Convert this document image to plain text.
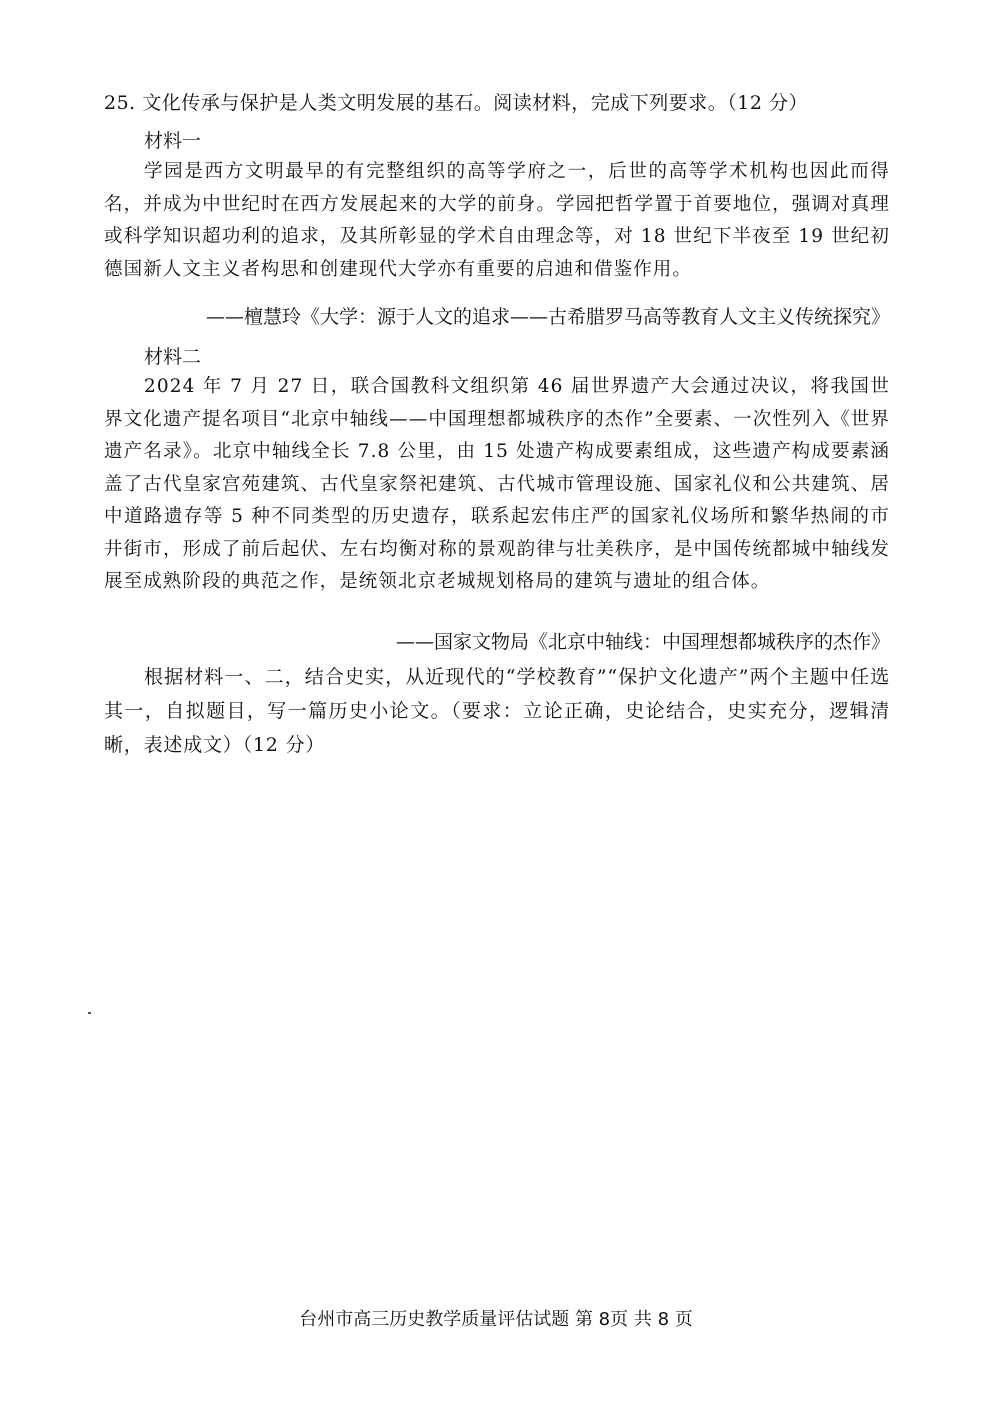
25. 文化传承与保护是人类文明发展的基石。阅读材料，完成下列要求。（12 分）
材料一
学园是西方文明最早的有完整组织的高等学府之一，后世的高等学术机构也因此而得名，并成为中世纪时在西方发展起来的大学的前身。学园把哲学置于首要地位，强调对真理或科学知识超功利的追求，及其所彰显的学术自由理念等，对 18 世纪下半夜至 19 世纪初德国新人文主义者构思和创建现代大学亦有重要的启迪和借鉴作用。
——檀慧玲《大学：源于人文的追求——古希腊罗马高等教育人文主义传统探究》
材料二
2024 年 7 月 27 日，联合国教科文组织第 46 届世界遗产大会通过决议，将我国世界文化遗产提名项目“北京中轴线——中国理想都城秩序的杰作”全要素、一次性列入《世界遗产名录》。北京中轴线全长 7.8 公里，由 15 处遗产构成要素组成，这些遗产构成要素涵盖了古代皇家宫苑建筑、古代皇家祭祀建筑、古代城市管理设施、国家礼仪和公共建筑、居中道路遗存等 5 种不同类型的历史遗存，联系起宏伟庄严的国家礼仪场所和繁华热闹的市井街市，形成了前后起伏、左右均衡对称的景观韵律与壮美秩序，是中国传统都城中轴线发展至成熟阶段的典范之作，是统领北京老城规划格局的建筑与遗址的组合体。
——国家文物局《北京中轴线：中国理想都城秩序的杰作》
根据材料一、二，结合史实，从近现代的“学校教育”“保护文化遗产”两个主题中任选其一，自拟题目，写一篇历史小论文。（要求：立论正确，史论结合，史实充分，逻辑清晰，表述成文）（12 分）
台州市高三历史教学质量评估试题 第 8页 共 8 页
